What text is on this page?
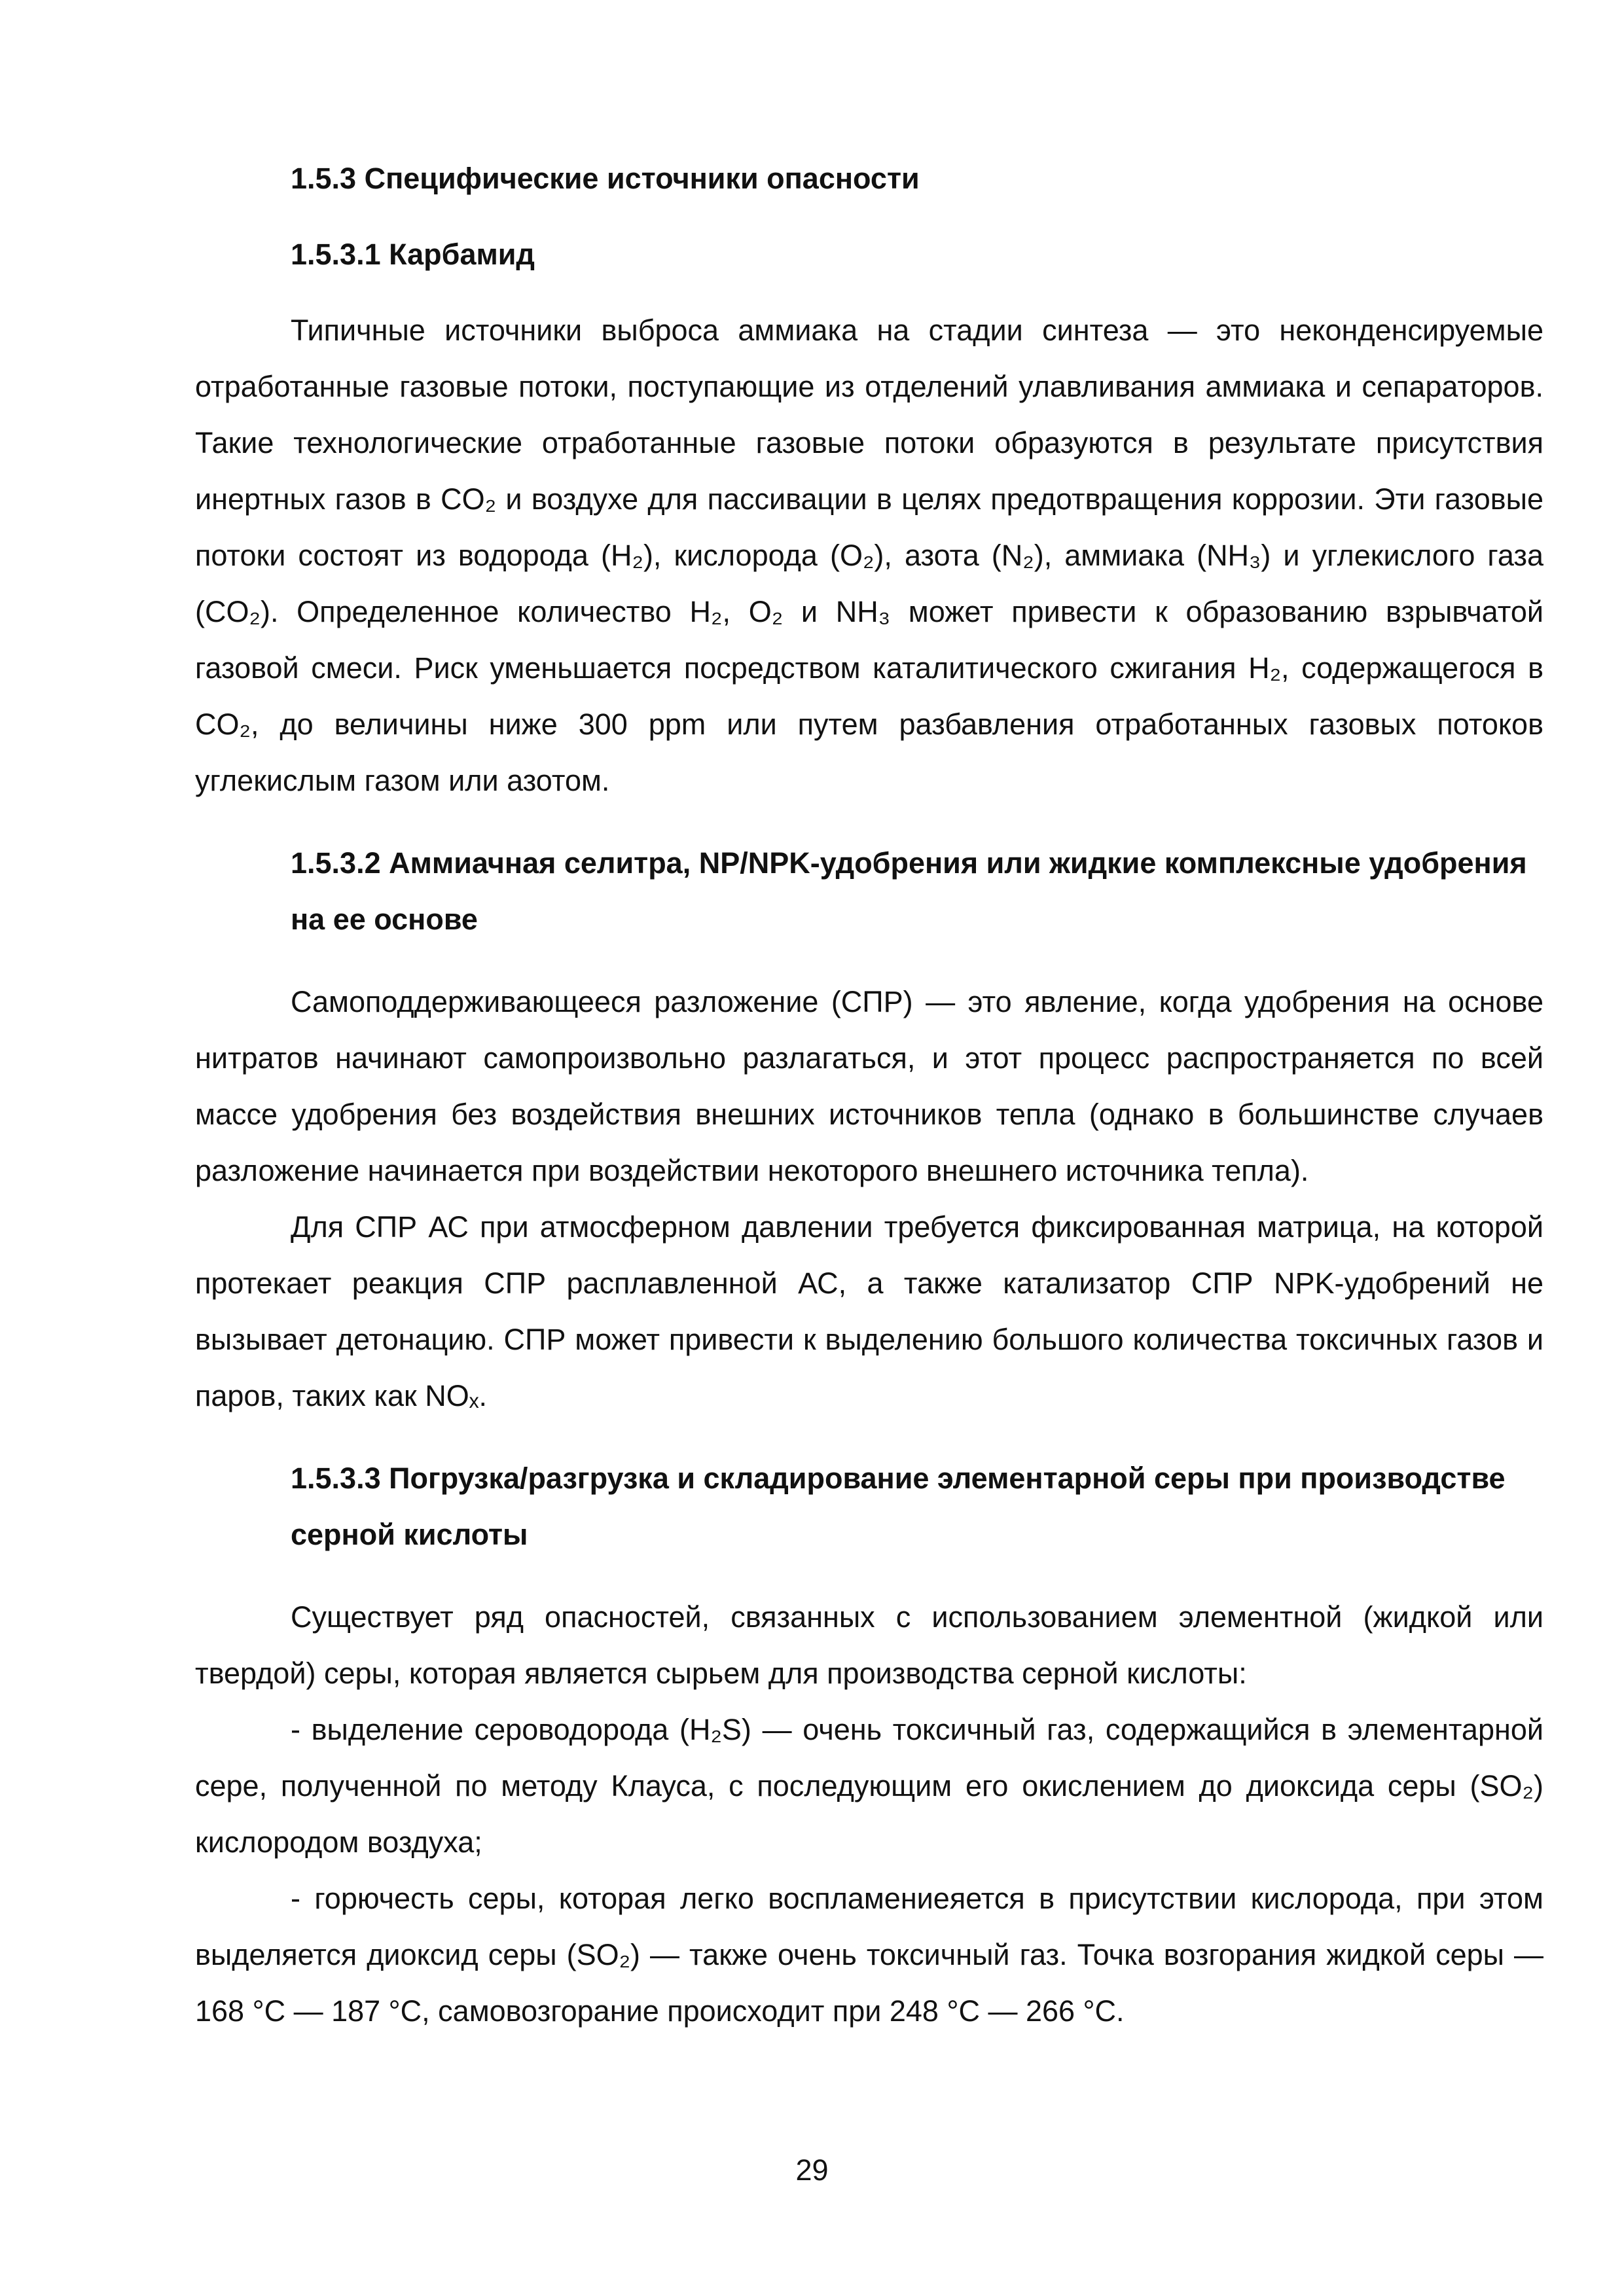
1.5.3 Специфические источники опасности

1.5.3.1 Карбамид

Типичные источники выброса аммиака на стадии синтеза — это неконденсируемые отработанные газовые потоки, поступающие из отделений улавливания аммиака и сепараторов. Такие технологические отработанные газовые потоки образуются в результате присутствия инертных газов в CO₂ и воздухе для пассивации в целях предотвращения коррозии. Эти газовые потоки состоят из водорода (H₂), кислорода (O₂), азота (N₂), аммиака (NH₃) и углекислого газа (CO₂). Определенное количество H₂, O₂ и NH₃ может привести к образованию взрывчатой газовой смеси. Риск уменьшается посредством каталитического сжигания H₂, содержащегося в CO₂, до величины ниже 300 ppm или путем разбавления отработанных газовых потоков углекислым газом или азотом.

1.5.3.2 Аммиачная селитра, NP/NPK-удобрения или жидкие комплексные удобрения на ее основе

Самоподдерживающееся разложение (СПР) — это явление, когда удобрения на основе нитратов начинают самопроизвольно разлагаться, и этот процесс распространяется по всей массе удобрения без воздействия внешних источников тепла (однако в большинстве случаев разложение начинается при воздействии некоторого внешнего источника тепла).

Для СПР АС при атмосферном давлении требуется фиксированная матрица, на которой протекает реакция СПР расплавленной АС, а также катализатор СПР NPK-удобрений не вызывает детонацию. СПР может привести к выделению большого количества токсичных газов и паров, таких как NOₓ.

1.5.3.3 Погрузка/разгрузка и складирование элементарной серы при производстве серной кислоты

Существует ряд опасностей, связанных с использованием элементной (жидкой или твердой) серы, которая является сырьем для производства серной кислоты:

- выделение сероводорода (H₂S) — очень токсичный газ, содержащийся в элементарной сере, полученной по методу Клауса, с последующим его окислением до диоксида серы (SO₂) кислородом воздуха;

- горючесть серы, которая легко воспламениеяется в присутствии кислорода, при этом выделяется диоксид серы (SO₂) — также очень токсичный газ. Точка возгорания жидкой серы — 168 °С — 187 °С, самовозгорание происходит при 248 °С — 266 °С.

29
